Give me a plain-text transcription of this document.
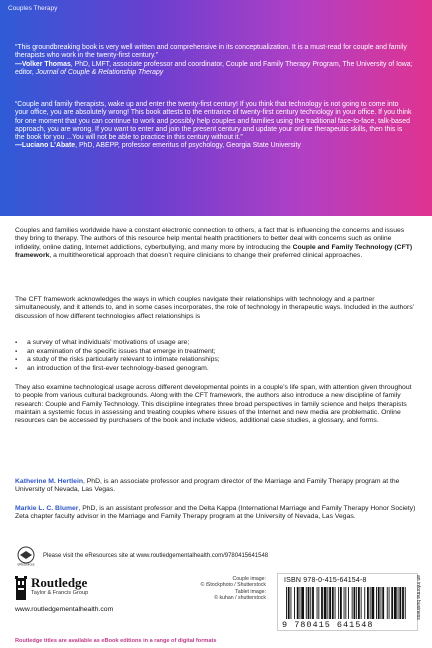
Couples Therapy
“This groundbreaking book is very well written and comprehensive in its conceptualization. It is a must-read for couple and family therapists who work in the twenty-first century.”
—Volker Thomas, PhD, LMFT, associate professor and coordinator, Couple and Family Therapy Program, The University of Iowa; editor, Journal of Couple & Relationship Therapy
“Couple and family therapists, wake up and enter the twenty-first century! If you think that technology is not going to come into your office, you are absolutely wrong! This book attests to the entrance of twenty-first century technology in your office. If you think for one moment that you can continue to work and possibly help couples and families using the traditional face-to-face, talk-based approach, you are wrong. If you want to enter and join the present century and update your online therapeutic skills, then this is the book for you ...You will not be able to practice in this century without it.”
—Luciano L’Abate, PhD, ABEPP, professor emeritus of psychology, Georgia State University

Couples and families worldwide have a constant electronic connection to others, a fact that is influencing the concerns and issues they bring to therapy. The authors of this resource help mental health practitioners to better deal with concerns such as online infidelity, online dating, Internet addictions, cyberbullying, and many more by introducing the Couple and Family Technology (CFT) framework, a multitheoretical approach that doesn’t require clinicians to change their preferred clinical approaches.

The CFT framework acknowledges the ways in which couples navigate their relationships with technology and a partner simultaneously, and it attends to, and in some cases incorporates, the role of technology in therapeutic ways. Included in the authors’ discussion of how different technologies affect relationships is

▪ a survey of what individuals’ motivations of usage are;
▪ an examination of the specific issues that emerge in treatment;
▪ a study of the risks particularly relevant to intimate relationships;
▪ an introduction of the first-ever technology-based genogram.

They also examine technological usage across different developmental points in a couple’s life span, with attention given throughout to people from various cultural backgrounds. Along with the CFT framework, the authors also introduce a new discipline of family research: Couple and Family Technology. This discipline integrates three broad perspectives in family science and helps therapists maintain a systemic focus in assessing and treating couples where issues of the Internet and new media are problematic. Online resources can be accessed by purchasers of the book and include videos, additional case studies, a glossary, and forms.

Katherine M. Hertlein, PhD, is an associate professor and program director of the Marriage and Family Therapy program at the University of Nevada, Las Vegas.

Markie L. C. Blumer, PhD, is an assistant professor and the Delta Kappa (International Marriage and Family Therapy Honor Society) Zeta chapter faculty advisor in the Marriage and Family Therapy program at the University of Nevada, Las Vegas.

eResources
Please visit the eResources site at www.routledgementalhealth.com/9780415641548
Routledge
Taylor & Francis Group
www.routledgementalhealth.com
Couple image:
© iStockphoto / Shutterstock
Tablet image:
© kuhan / shutterstock
ISBN 978-0-415-64154-8
9 780415 641548
an informa business
Routledge titles are available as eBook editions in a range of digital formats
